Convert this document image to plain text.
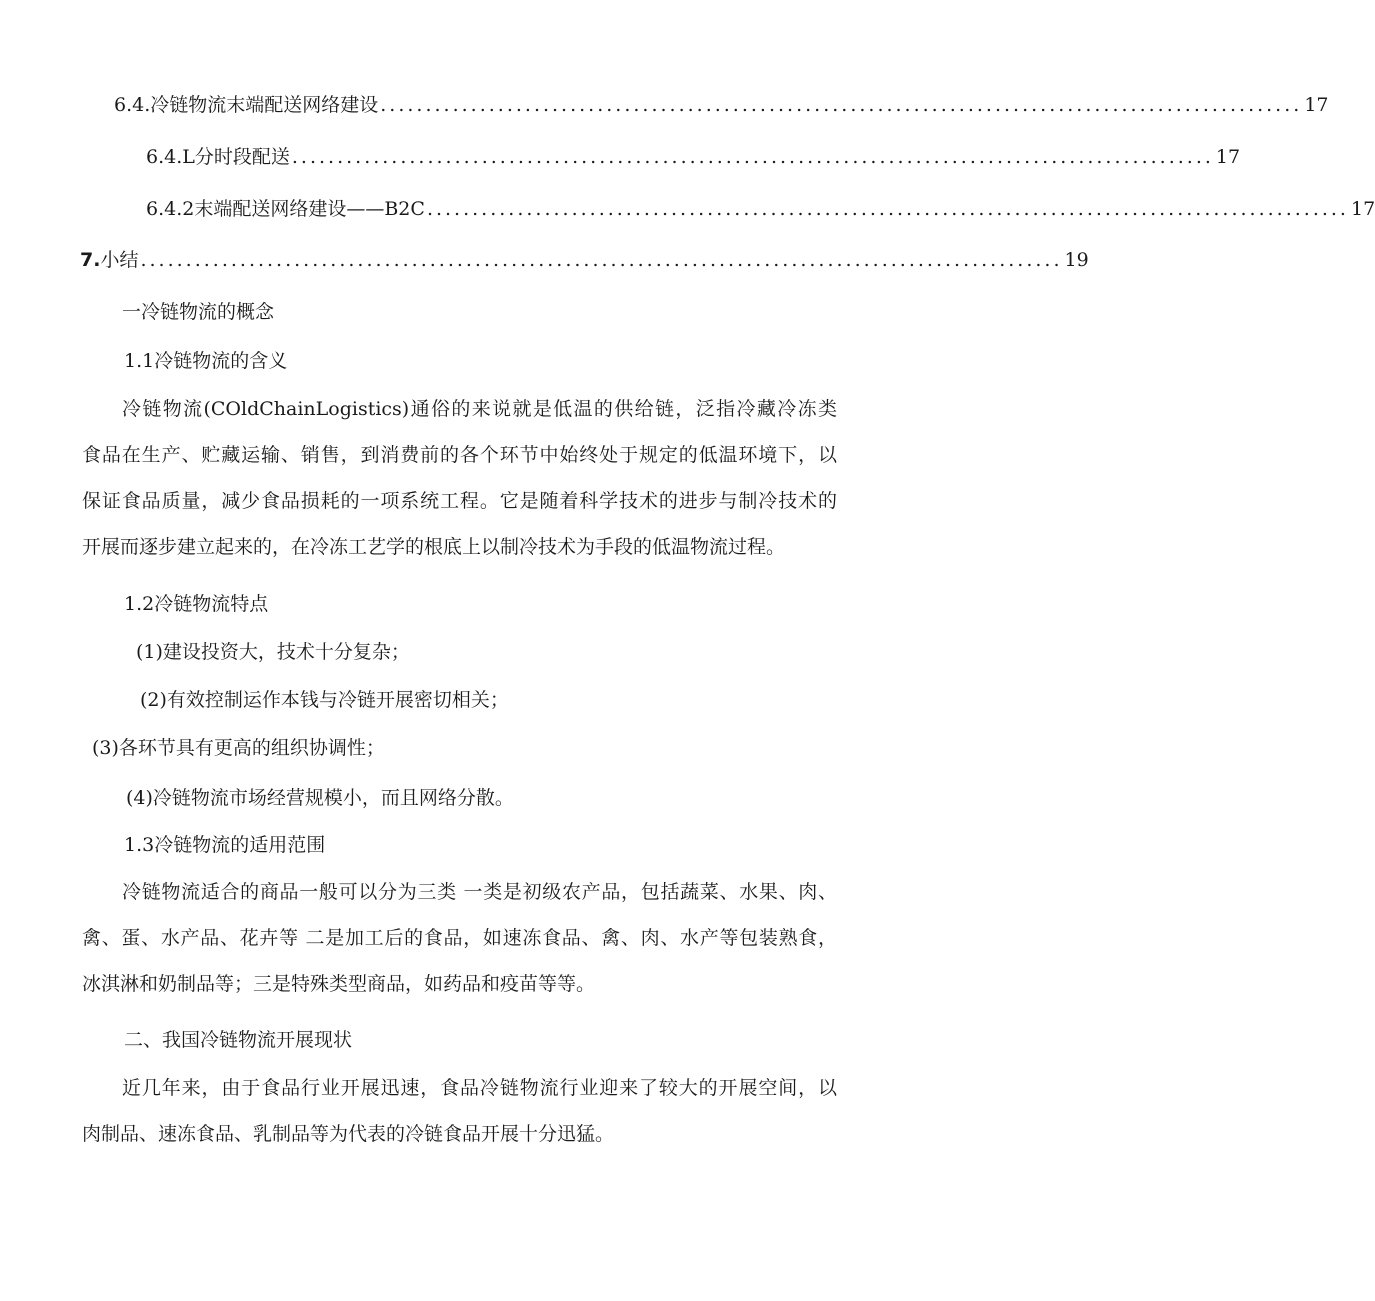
6.4.冷链物流末端配送网络建设 ...................................................................................................... 17
6.4.L分时段配送 ...................................................................................................... 17
6.4.2末端配送网络建设——B2C ...................................................................................................... 17
7.小结 ...................................................................................................... 19
一冷链物流的概念
1.1冷链物流的含义
冷链物流(COldChainLogistics)通俗的来说就是低温的供给链，泛指冷藏冷冻类
食品在生产、贮藏运输、销售，到消费前的各个环节中始终处于规定的低温环境下，以
保证食品质量，减少食品损耗的一项系统工程。它是随着科学技术的进步与制冷技术的
开展而逐步建立起来的，在冷冻工艺学的根底上以制冷技术为手段的低温物流过程。
1.2冷链物流特点
(1)建设投资大，技术十分复杂；
(2)有效控制运作本钱与冷链开展密切相关；
(3)各环节具有更高的组织协调性；
(4)冷链物流市场经营规模小，而且网络分散。
1.3冷链物流的适用范围
冷链物流适合的商品一般可以分为三类 一类是初级农产品，包括蔬菜、水果、肉、
禽、蛋、水产品、花卉等 二是加工后的食品，如速冻食品、禽、肉、水产等包装熟食，
冰淇淋和奶制品等；三是特殊类型商品，如药品和疫苗等等。
二、我国冷链物流开展现状
近几年来，由于食品行业开展迅速，食品冷链物流行业迎来了较大的开展空间，以
肉制品、速冻食品、乳制品等为代表的冷链食品开展十分迅猛。
